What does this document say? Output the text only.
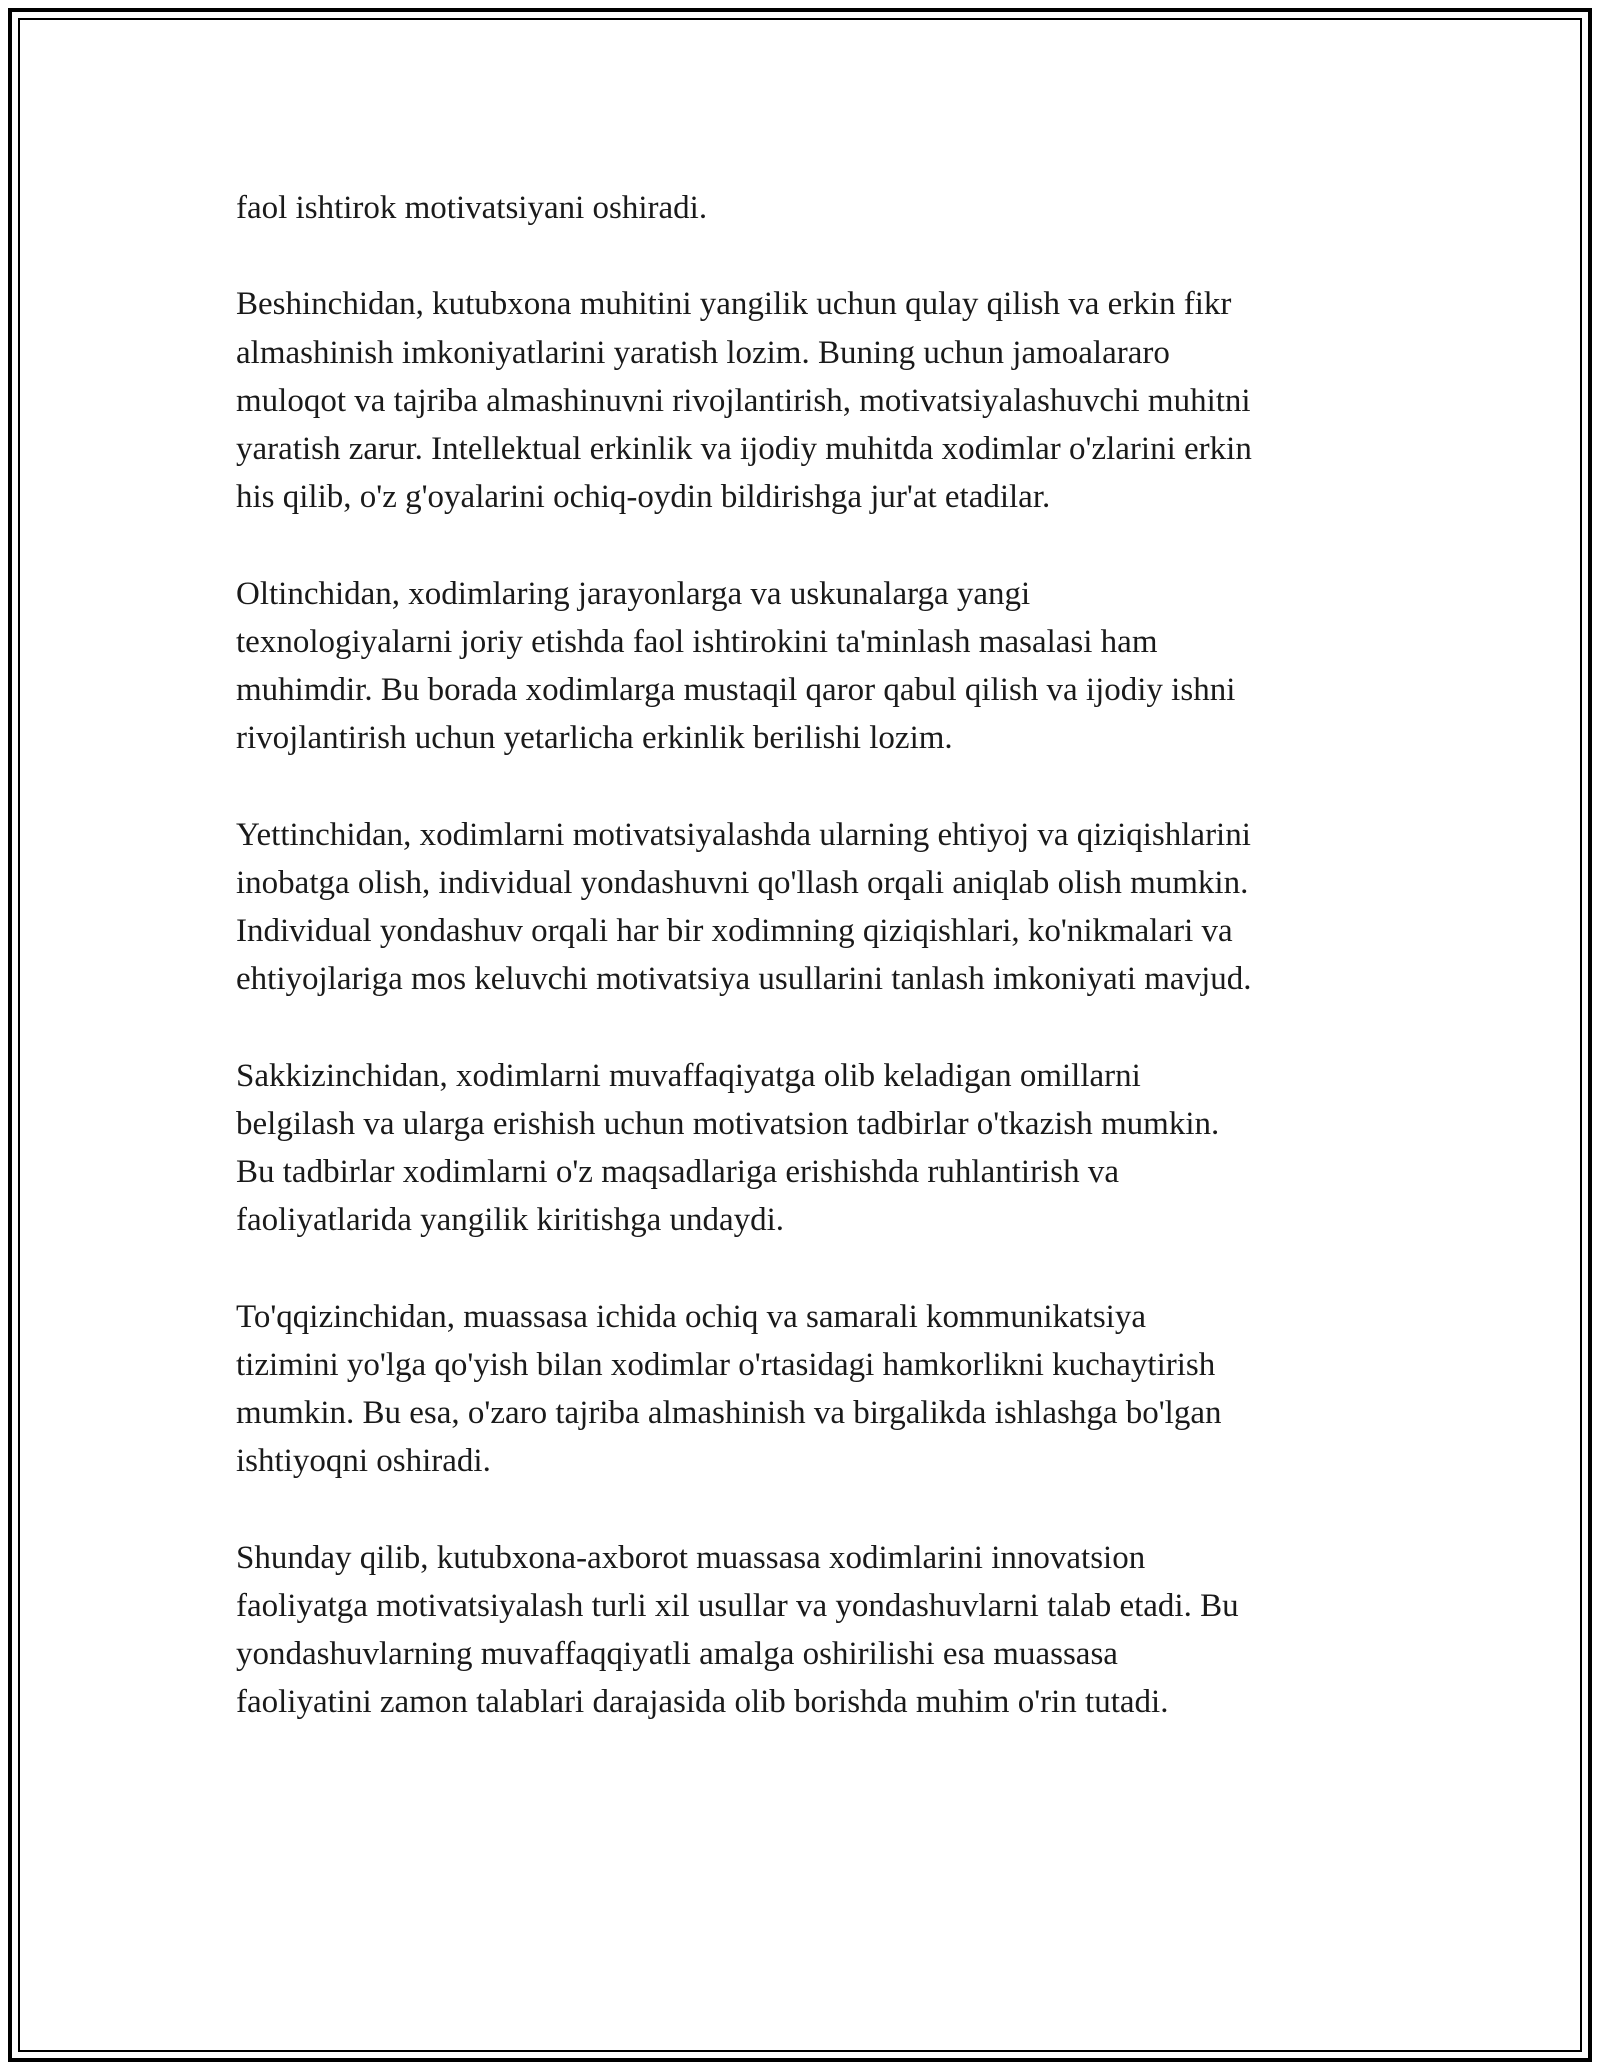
faol ishtirok motivatsiyani oshiradi.

Beshinchidan, kutubxona muhitini yangilik uchun qulay qilish va erkin fikr
almashinish imkoniyatlarini yaratish lozim. Buning uchun jamoalararo
muloqot va tajriba almashinuvni rivojlantirish, motivatsiyalashuvchi muhitni
yaratish zarur. Intellektual erkinlik va ijodiy muhitda xodimlar o'zlarini erkin
his qilib, o'z g'oyalarini ochiq-oydin bildirishga jur'at etadilar.

Oltinchidan, xodimlaring jarayonlarga va uskunalarga yangi
texnologiyalarni joriy etishda faol ishtirokini ta'minlash masalasi ham
muhimdir. Bu borada xodimlarga mustaqil qaror qabul qilish va ijodiy ishni
rivojlantirish uchun yetarlicha erkinlik berilishi lozim.

Yettinchidan, xodimlarni motivatsiyalashda ularning ehtiyoj va qiziqishlarini
inobatga olish, individual yondashuvni qo'llash orqali aniqlab olish mumkin.
Individual yondashuv orqali har bir xodimning qiziqishlari, ko'nikmalari va
ehtiyojlariga mos keluvchi motivatsiya usullarini tanlash imkoniyati mavjud.

Sakkizinchidan, xodimlarni muvaffaqiyatga olib keladigan omillarni
belgilash va ularga erishish uchun motivatsion tadbirlar o'tkazish mumkin.
Bu tadbirlar xodimlarni o'z maqsadlariga erishishda ruhlantirish va
faoliyatlarida yangilik kiritishga undaydi.

To'qqizinchidan, muassasa ichida ochiq va samarali kommunikatsiya
tizimini yo'lga qo'yish bilan xodimlar o'rtasidagi hamkorlikni kuchaytirish
mumkin. Bu esa, o'zaro tajriba almashinish va birgalikda ishlashga bo'lgan
ishtiyoqni oshiradi.

Shunday qilib, kutubxona-axborot muassasa xodimlarini innovatsion
faoliyatga motivatsiyalash turli xil usullar va yondashuvlarni talab etadi. Bu
yondashuvlarning muvaffaqqiyatli amalga oshirilishi esa muassasa
faoliyatini zamon talablari darajasida olib borishda muhim o'rin tutadi.
